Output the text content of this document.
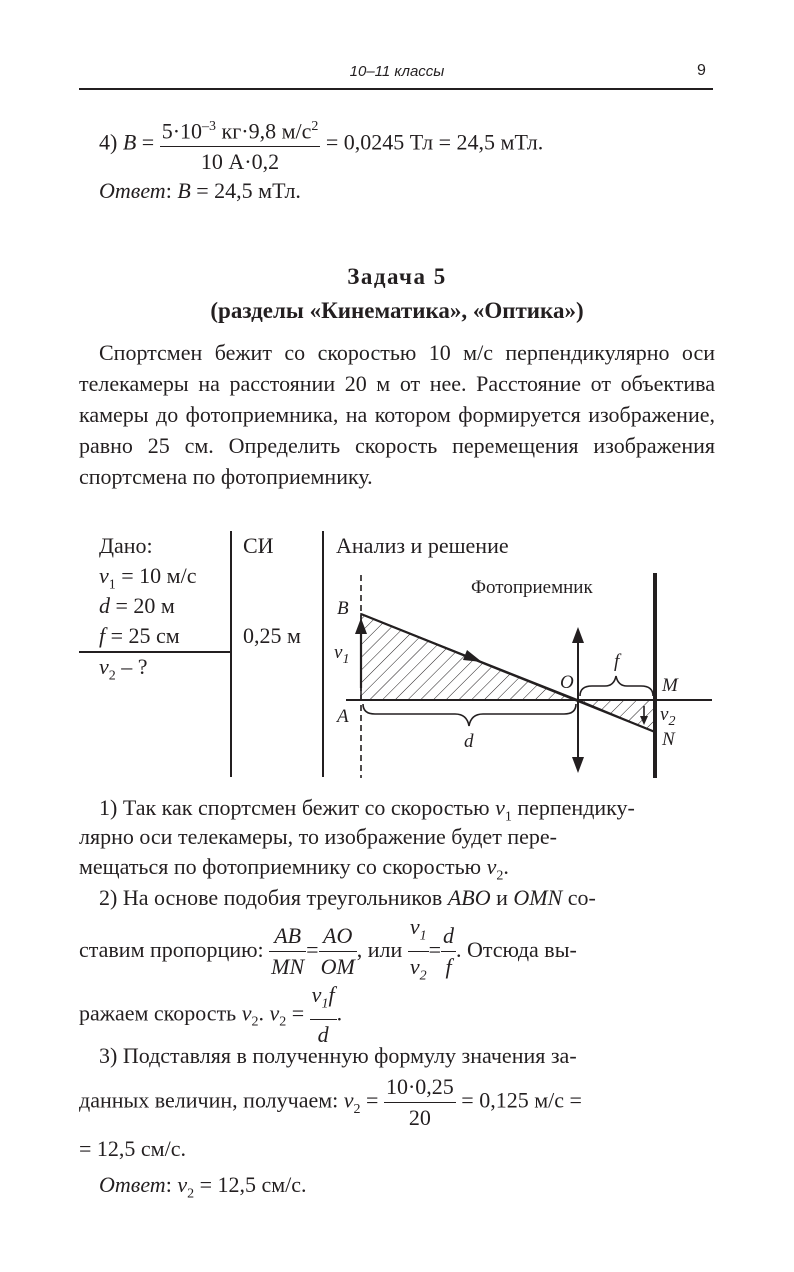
10–11 классы	9
4) $B = \frac{5\cdot 10^{-3} кг\cdot 9,8 м/с^2}{10 А\cdot 0,2} = 0,0245$ Тл = 24,5 мТл.
Ответ: B = 24,5 мТл.
Задача 5
(разделы «Кинематика», «Оптика»)
Спортсмен бежит со скоростью 10 м/с перпендикулярно оси телекамеры на расстоянии 20 м от нее. Расстояние от объектива камеры до фотоприемника, на котором формируется изображение, равно 25 см. Определить скорость перемещения изображения спортсмена по фотоприемнику.
Дано:	СИ	Анализ и решение
$v_1 = 10$ м/с
d = 20 м
f = 25 см	0,25 м
$v_2$ – ?
Фотоприемник
B
$v_1$
A
O
f
M
$v_2$
N
d
1) Так как спортсмен бежит со скоростью $v_1$ перпендику-
лярно оси телекамеры, то изображение будет пере-
мещаться по фотоприемнику со скоростью $v_2$.
2) На основе подобия треугольников ABO и OMN со-
ставим пропорцию: $\frac{AB}{MN} = \frac{AO}{OM}$ , или $\frac{v_1}{v_2} = \frac{d}{f}$ . Отсюда вы-
ражаем скорость $v_2$. $v_2 = \frac{v_1f}{d}$ .
3) Подставляя в полученную формулу значения за-
данных величин, получаем: $v_2 = \frac{10\cdot 0,25}{20} = 0,125$ м/с =
= 12,5 см/с.
Ответ: $v_2 = 12,5$ см/с.
